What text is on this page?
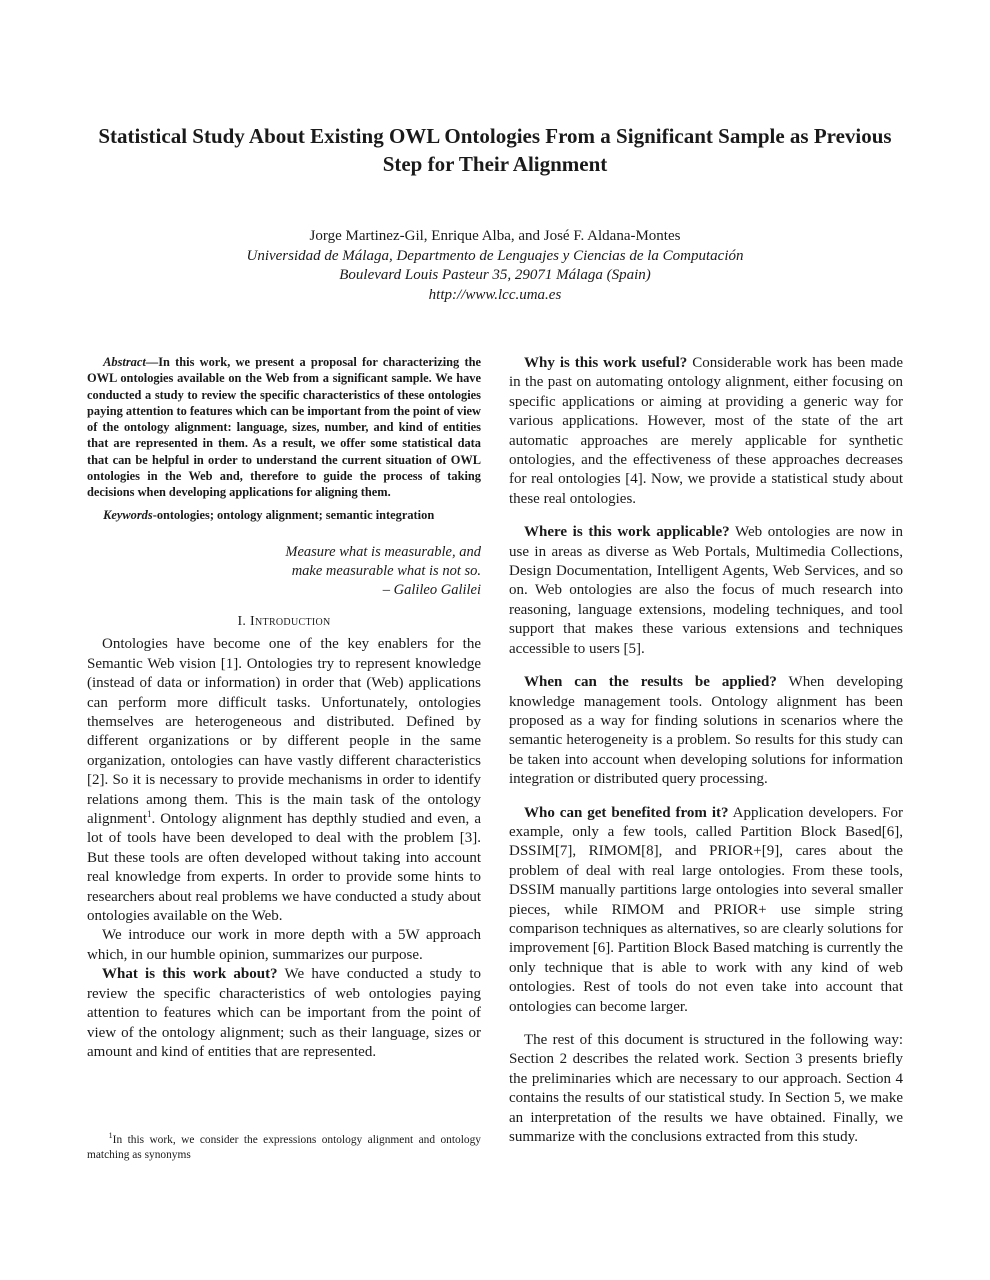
Statistical Study About Existing OWL Ontologies From a Significant Sample as Previous Step for Their Alignment
Jorge Martinez-Gil, Enrique Alba, and José F. Aldana-Montes
Universidad de Málaga, Departmento de Lenguajes y Ciencias de la Computación
Boulevard Louis Pasteur 35, 29071 Málaga (Spain)
http://www.lcc.uma.es

Abstract—In this work, we present a proposal for characterizing the OWL ontologies available on the Web from a significant sample. We have conducted a study to review the specific characteristics of these ontologies paying attention to features which can be important from the point of view of the ontology alignment: language, sizes, number, and kind of entities that are represented in them. As a result, we offer some statistical data that can be helpful in order to understand the current situation of OWL ontologies in the Web and, therefore to guide the process of taking decisions when developing applications for aligning them.

Keywords-ontologies; ontology alignment; semantic integration

Measure what is measurable, and
make measurable what is not so.
– Galileo Galilei
I. Introduction

Ontologies have become one of the key enablers for the Semantic Web vision [1]. Ontologies try to represent knowledge (instead of data or information) in order that (Web) applications can perform more difficult tasks. Unfortunately, ontologies themselves are heterogeneous and distributed. Defined by different organizations or by different people in the same organization, ontologies can have vastly different characteristics [2]. So it is necessary to provide mechanisms in order to identify relations among them. This is the main task of the ontology alignment$^1$. Ontology alignment has depthly studied and even, a lot of tools have been developed to deal with the problem [3]. But these tools are often developed without taking into account real knowledge from experts. In order to provide some hints to researchers about real problems we have conducted a study about ontologies available on the Web.

We introduce our work in more depth with a 5W approach which, in our humble opinion, summarizes our purpose.

What is this work about? We have conducted a study to review the specific characteristics of web ontologies paying attention to features which can be important from the point of view of the ontology alignment; such as their language, sizes or amount and kind of entities that are represented.

$^1$In this work, we consider the expressions ontology alignment and ontology matching as synonyms

Why is this work useful? Considerable work has been made in the past on automating ontology alignment, either focusing on specific applications or aiming at providing a generic way for various applications. However, most of the state of the art automatic approaches are merely applicable for synthetic ontologies, and the effectiveness of these approaches decreases for real ontologies [4]. Now, we provide a statistical study about these real ontologies.

Where is this work applicable? Web ontologies are now in use in areas as diverse as Web Portals, Multimedia Collections, Design Documentation, Intelligent Agents, Web Services, and so on. Web ontologies are also the focus of much research into reasoning, language extensions, modeling techniques, and tool support that makes these various extensions and techniques accessible to users [5].

When can the results be applied? When developing knowledge management tools. Ontology alignment has been proposed as a way for finding solutions in scenarios where the semantic heterogeneity is a problem. So results for this study can be taken into account when developing solutions for information integration or distributed query processing.

Who can get benefited from it? Application developers. For example, only a few tools, called Partition Block Based[6], DSSIM[7], RIMOM[8], and PRIOR+[9], cares about the problem of deal with real large ontologies. From these tools, DSSIM manually partitions large ontologies into several smaller pieces, while RIMOM and PRIOR+ use simple string comparison techniques as alternatives, so are clearly solutions for improvement [6]. Partition Block Based matching is currently the only technique that is able to work with any kind of web ontologies. Rest of tools do not even take into account that ontologies can become larger.

The rest of this document is structured in the following way: Section 2 describes the related work. Section 3 presents briefly the preliminaries which are necessary to our approach. Section 4 contains the results of our statistical study. In Section 5, we make an interpretation of the results we have obtained. Finally, we summarize with the conclusions extracted from this study.
